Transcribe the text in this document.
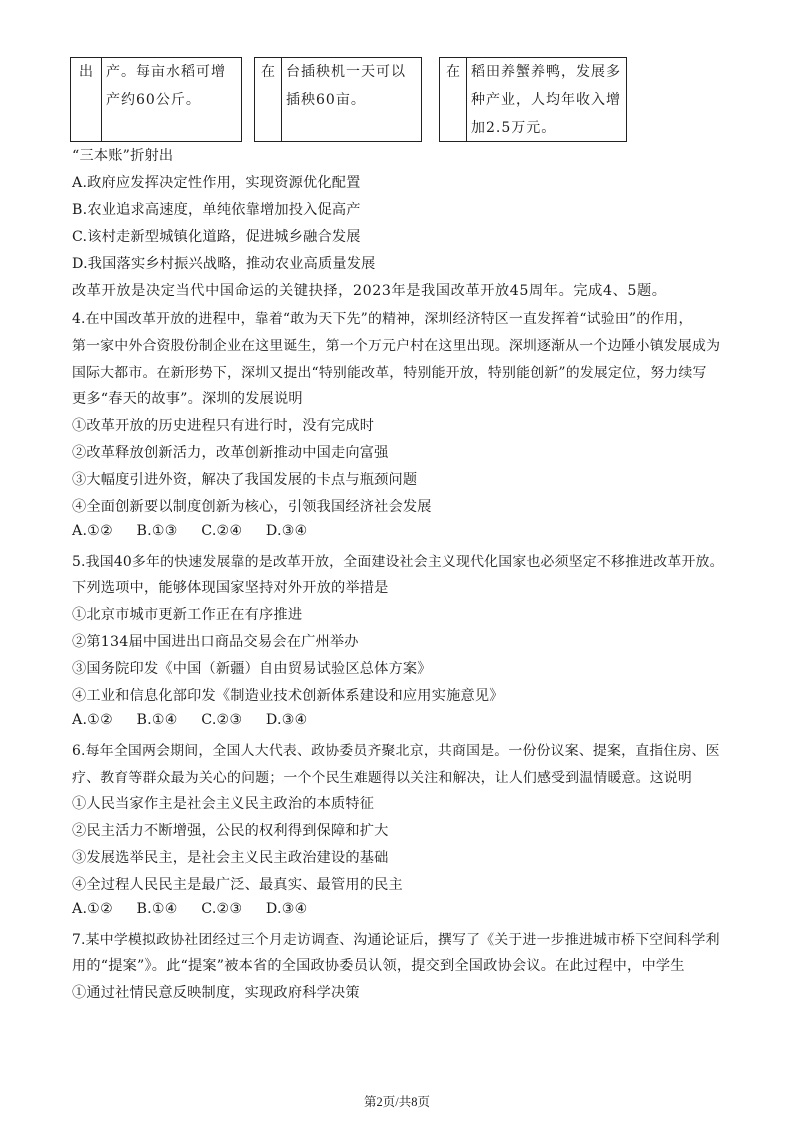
出 产。每亩水稻可增产约60公斤。
在 台插秧机一天可以插秧60亩。
在 稻田养蟹养鸭，发展多种产业，人均年收入增加2.5万元。
“三本账”折射出
A.政府应发挥决定性作用，实现资源优化配置
B.农业追求高速度，单纯依靠增加投入促高产
C.该村走新型城镇化道路，促进城乡融合发展
D.我国落实乡村振兴战略，推动农业高质量发展
改革开放是决定当代中国命运的关键抉择，2023年是我国改革开放45周年。完成4、5题。
4.在中国改革开放的进程中，靠着“敢为天下先”的精神，深圳经济特区一直发挥着“试验田”的作用，
第一家中外合资股份制企业在这里诞生，第一个万元户村在这里出现。深圳逐渐从一个边陲小镇发展成为
国际大都市。在新形势下，深圳又提出“特别能改革，特别能开放，特别能创新”的发展定位，努力续写
更多“春天的故事”。深圳的发展说明
①改革开放的历史进程只有进行时，没有完成时
②改革释放创新活力，改革创新推动中国走向富强
③大幅度引进外资，解决了我国发展的卡点与瓶颈问题
④全面创新要以制度创新为核心，引领我国经济社会发展
A.①②     B.①③     C.②④     D.③④
5.我国40多年的快速发展靠的是改革开放，全面建设社会主义现代化国家也必须坚定不移推进改革开放。
下列选项中，能够体现国家坚持对外开放的举措是
①北京市城市更新工作正在有序推进
②第134届中国进出口商品交易会在广州举办
③国务院印发《中国（新疆）自由贸易试验区总体方案》
④工业和信息化部印发《制造业技术创新体系建设和应用实施意见》
A.①②     B.①④     C.②③     D.③④
6.每年全国两会期间，全国人大代表、政协委员齐聚北京，共商国是。一份份议案、提案，直指住房、医
疗、教育等群众最为关心的问题；一个个民生难题得以关注和解决，让人们感受到温情暖意。这说明
①人民当家作主是社会主义民主政治的本质特征
②民主活力不断增强，公民的权利得到保障和扩大
③发展选举民主，是社会主义民主政治建设的基础
④全过程人民民主是最广泛、最真实、最管用的民主
A.①②     B.①④     C.②③     D.③④
7.某中学模拟政协社团经过三个月走访调查、沟通论证后，撰写了《关于进一步推进城市桥下空间科学利
用的“提案”》。此“提案”被本省的全国政协委员认领，提交到全国政协会议。在此过程中，中学生
①通过社情民意反映制度，实现政府科学决策
第2页/共8页
